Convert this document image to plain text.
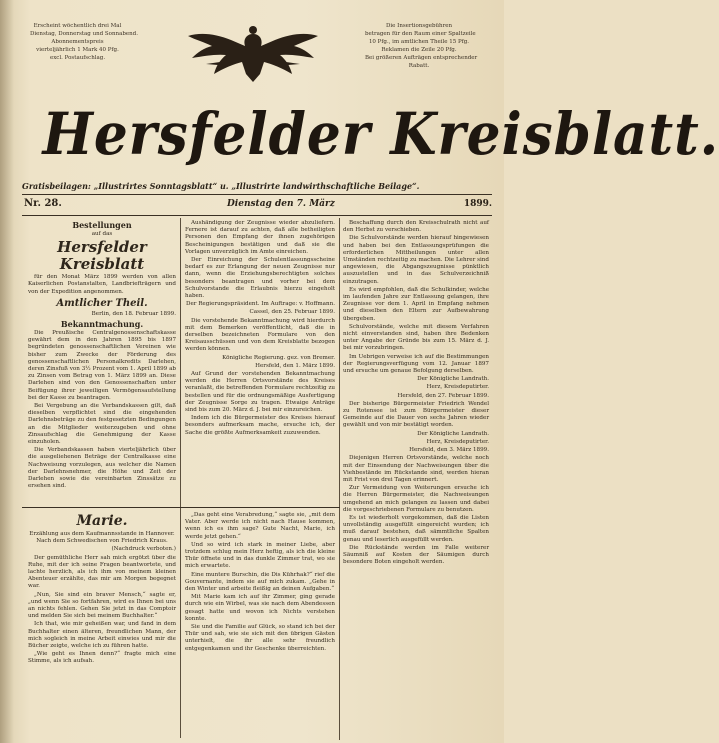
Erscheint wöchentlich drei Mal
Dienstag, Donnerstag und Sonnabend.
Abonnementspreis
vierteljährlich 1 Mark 40 Pfg.
excl. Postaufschlag.
Die Insertionsgebühren
betragen für den Raum einer Spaltzeile
10 Pfg., im amtlichen Theile 15 Pfg.
Reklamen die Zeile 20 Pfg.
Bei größeren Aufträgen entsprechender
Rabatt.
Hersfelder Kreisblatt.
Gratisbeilagen: „Illustrirtes Sonntagsblatt“ u. „Illustrirte landwirthschaftliche Beilage“.
Nr. 28.	Dienstag den 7. März	1899.

Bestellungen

auf das

Hersfelder Kreisblatt

für den Monat März 1899 werden von allen Kaiserlichen Postanstalten, Landbriefträgern und von der Expedition angenommen.

Amtlicher Theil.

Berlin, den 18. Februar 1899.

Bekanntmachung.

Die Preußische Centralgenossenschaftskasse gewährt dem in den Jahren 1895 bis 1897 begründeten genossenschaftlichen Vereinen wie bisher zum Zwecke der Förderung des genossenschaftlichen Personalkredits Darlehen, deren Zinsfuß von 3½ Prozent vom 1. April 1899 ab zu Zinsen vom Betrag von 1. März 1899 an. Diese Darlehen sind von den Genossenschaften unter Beifügung ihrer jeweiligen Vermögensaufstellung bei der Kasse zu beantragen.

Bei Vergebung an die Verbandskassen gilt, daß dieselben verpflichtet sind die eingehenden Darlehnsbeträge zu den festgesetzten Bedingungen an die Mitglieder weiterzugeben und ohne Zinsaufschlag die Genehmigung der Kasse einzuholen.

Die Verbandskassen haben vierteljährlich über die ausgeliehenen Beträge der Centralkasse eine Nachweisung vorzulegen, aus welcher die Namen der Darlehnsnehmer, die Höhe und Zeit der Darlehen sowie die vereinbarten Zinssätze zu ersehen sind.

Aushändigung der Zeugnisse wieder abzuliefern. Fernere ist darauf zu achten, daß alle betheiligten Personen den Empfang der ihnen zugehörigen Bescheinigungen bestätigen und daß sie die Vorlagen unverzüglich im Amte einreichen.

Der Einreichung der Schulentlassungsscheine bedarf es zur Erlangung der neuen Zeugnisse nur dann, wenn die Erziehungsberechtigten solches besonders beantragen und vorher bei dem Schulvorstande die Erlaubnis hierzu eingeholt haben.

Der Regierungspräsident. Im Auftrage: v. Hoffmann.

Cassel, den 25. Februar 1899.

Die vorstehende Bekanntmachung wird hierdurch mit dem Bemerken veröffentlicht, daß die in derselben bezeichneten Formulare von den Kreisausschüssen und von dem Kreisblatte bezogen werden können.

Königliche Regierung. gez. von Bremer.

Hersfeld, den 1. März 1899.

Auf Grund der vorstehenden Bekanntmachung werden die Herren Ortsvorstände des Kreises veranlaßt, die betreffenden Formulare rechtzeitig zu bestellen und für die ordnungsmäßige Ausfertigung der Zeugnisse Sorge zu tragen. Etwaige Anträge sind bis zum 20. März d. J. bei mir einzureichen.

Indem ich die Bürgermeister des Kreises hierauf besonders aufmerksam mache, ersuche ich, der Sache die größte Aufmerksamkeit zuzuwenden.

Beschaffung durch den Kreisschulrath nicht auf den Herbst zu verschieben.

Die Schulvorstände werden hierauf hingewiesen und haben bei den Entlassungsprüfungen die erforderlichen Mittheilungen unter allen Umständen rechtzeitig zu machen. Die Lehrer sind angewiesen, die Abgangszeugnisse pünktlich auszustellen und in das Schulverzeichniß einzutragen.

Es wird empfohlen, daß die Schulkinder, welche im laufenden Jahre zur Entlassung gelangen, ihre Zeugnisse vor dem 1. April in Empfang nehmen und dieselben den Eltern zur Aufbewahrung übergeben.

Schulvorstände, welche mit diesem Verfahren nicht einverstanden sind, haben ihre Bedenken unter Angabe der Gründe bis zum 15. März d. J. bei mir vorzubringen.

Im Uebrigen verweise ich auf die Bestimmungen der Regierungsverfügung vom 12. Januar 1897 und ersuche um genaue Befolgung derselben.

Der Königliche Landrath.

Herz, Kreisdeputirter.

Hersfeld, den 27. Februar 1899.

Der bisherige Bürgermeister Friedrich Wendel zu Rotensee ist zum Bürgermeister dieser Gemeinde auf die Dauer von sechs Jahren wieder gewählt und von mir bestätigt worden.

Der Königliche Landrath.

Herz, Kreisdeputirter.

Hersfeld, den 3. März 1899.

Diejenigen Herren Ortsvorstände, welche noch mit der Einsendung der Nachweisungen über die Viehbestände im Rückstande sind, werden hieran mit Frist von drei Tagen erinnert.

Zur Vermeidung von Weiterungen ersuche ich die Herren Bürgermeister, die Nachweisungen umgehend an mich gelangen zu lassen und dabei die vorgeschriebenen Formulare zu benutzen.

Es ist wiederholt vorgekommen, daß die Listen unvollständig ausgefüllt eingereicht wurden; ich muß darauf bestehen, daß sämmtliche Spalten genau und leserlich ausgefüllt werden.

Die Rückstände werden im Falle weiterer Säumniß auf Kosten der Säumigen durch besondere Boten eingeholt werden.

Marie.

Erzählung aus dem Kaufmannsstande in Hannover. Nach dem Schwedischen von Friedrich Kraus.

(Nachdruck verboten.)

Der gemüthliche Herr sah mich ergötzt über die Ruhe, mit der ich seine Fragen beantwortete, und lachte herzlich, als ich ihm von meinem kleinen Abenteuer erzählte, das mir am Morgen begegnet war.

„Nun, Sie sind ein braver Mensch,“ sagte er, „und wenn Sie so fortfahren, wird es Ihnen bei uns an nichts fehlen. Gehen Sie jetzt in das Comptoir und melden Sie sich bei meinem Buchhalter.“

Ich that, wie mir geheißen war, und fand in dem Buchhalter einen älteren, freundlichen Mann, der mich sogleich in meine Arbeit einwies und mir die Bücher zeigte, welche ich zu führen hatte.

„Wie geht es Ihnen denn?“ fragte mich eine Stimme, als ich aufsah.

„Das geht eine Verabredung,“ sagte sie, „mit dem Vater. Aber werde ich nicht nach Hause kommen, wenn ich es ihm sage? Gute Nacht, Marie, ich werde jetzt gehen.“

Und so wird ich stark in meiner Liebe, aber trotzdem schlug mein Herz heftig, als ich die kleine Thür öffnete und in das dunkle Zimmer trat, wo sie mich erwartete.

Eine muntere Burschin, die Dis Kührhak?“ rief die Gouvernante, indem sie auf mich zukam. „Gehe in den Winter und arbeite fleißig an deinen Aufgaben.“

Mit Marie kam ich auf ihr Zimmer, ging gerade durch wie ein Wirbel, was sie nach dem Abendessen gesagt hatte und wovon ich Nichts verstehen konnte.

Sie und die Familie auf Glück, so stand ich bei der Thür und sah, wie sie sich mit den übrigen Gästen unterhielt, die ihr alle sehr freundlich entgegenkamen und ihr Geschenke überreichten.
